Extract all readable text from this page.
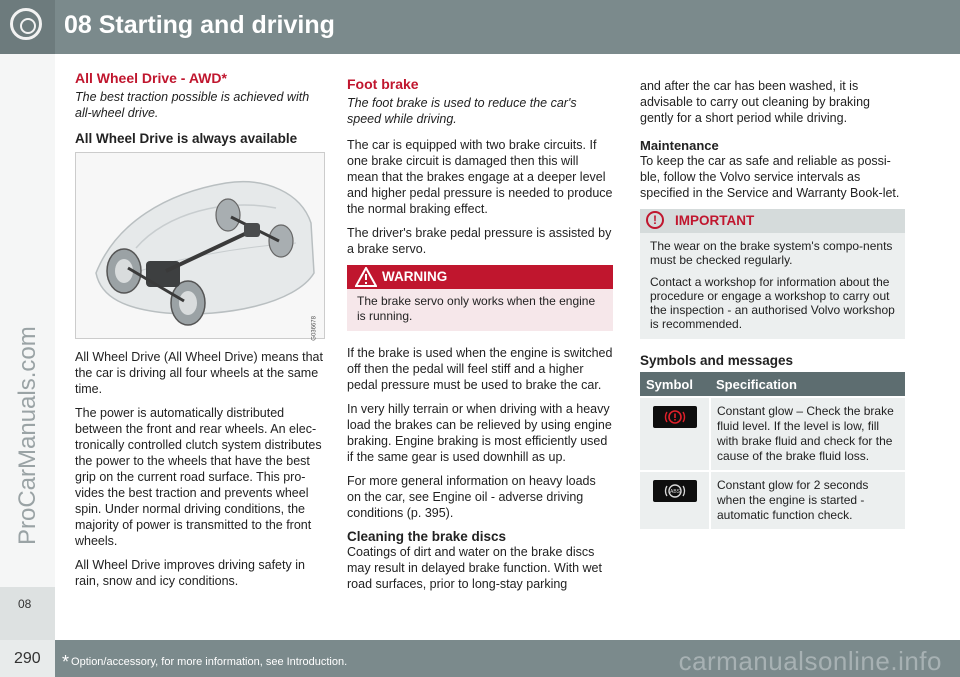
08 Starting and driving
08
ProCarManuals.com
All Wheel Drive - AWD*
The best traction possible is achieved with all-wheel drive.
All Wheel Drive is always available
G036678

All Wheel Drive (All Wheel Drive) means that the car is driving all four wheels at the same time.

The power is automatically distributed between the front and rear wheels. An elec-tronically controlled clutch system distributes the power to the wheels that have the best grip on the current road surface. This pro-vides the best traction and prevents wheel spin. Under normal driving conditions, the majority of power is transmitted to the front wheels.

All Wheel Drive improves driving safety in rain, snow and icy conditions.

Foot brake
The foot brake is used to reduce the car's speed while driving.

The car is equipped with two brake circuits. If one brake circuit is damaged then this will mean that the brakes engage at a deeper level and higher pedal pressure is needed to produce the normal braking effect.

The driver's brake pedal pressure is assisted by a brake servo.

WARNING
The brake servo only works when the engine is running.

If the brake is used when the engine is switched off then the pedal will feel stiff and a higher pedal pressure must be used to brake the car.

In very hilly terrain or when driving with a heavy load the brakes can be relieved by using engine braking. Engine braking is most efficiently used if the same gear is used downhill as up.

For more general information on heavy loads on the car, see Engine oil - adverse driving conditions (p. 395).

Cleaning the brake discs

Coatings of dirt and water on the brake discs may result in delayed brake function. With wet road surfaces, prior to long-stay parking

and after the car has been washed, it is advisable to carry out cleaning by braking gently for a short period while driving.

Maintenance

To keep the car as safe and reliable as possi-ble, follow the Volvo service intervals as specified in the Service and Warranty Book-let.

!	IMPORTANT

The wear on the brake system's compo-nents must be checked regularly.

Contact a workshop for information about the procedure or engage a workshop to carry out the inspection - an authorised Volvo workshop is recommended.

Symbols and messages
Symbol	Specification
	Constant glow – Check the brake fluid level. If the level is low, fill with brake fluid and check for the cause of the brake fluid loss.

ABS	Constant glow for 2 seconds when the engine is started - automatic function check.
290 * Option/accessory, for more information, see Introduction.	carmanualsonline.info
